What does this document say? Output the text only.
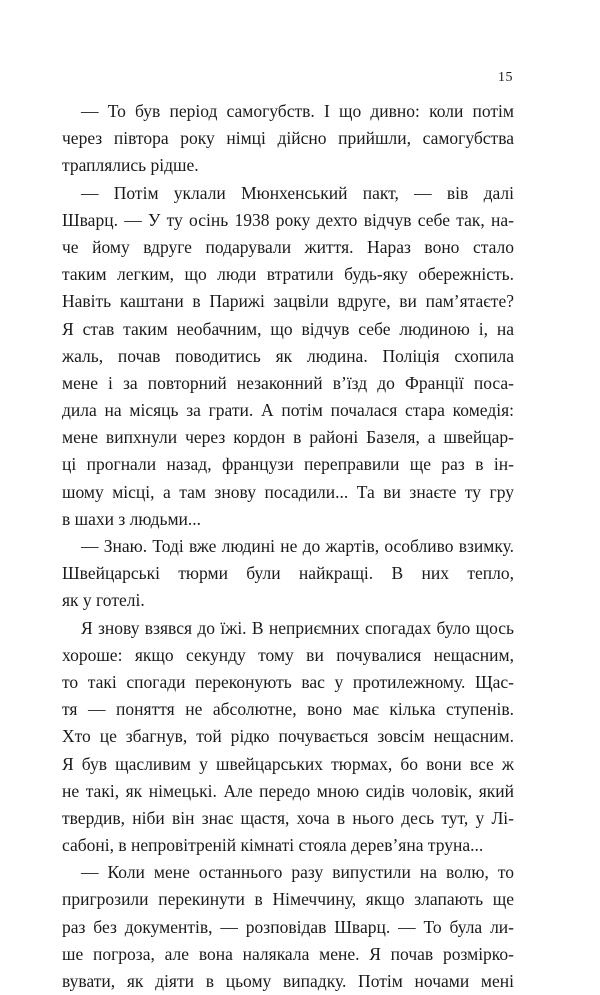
15
— То був період самогубств. І що дивно: коли потім
через півтора року німці дійсно прийшли, самогубства
траплялись рідше.
— Потім уклали Мюнхенський пакт, — вів далі
Шварц. — У ту осінь 1938 року дехто відчув себе так, на-
че йому вдруге подарували життя. Нараз воно стало
таким легким, що люди втратили будь-яку обережність.
Навіть каштани в Парижі зацвіли вдруге, ви пам’ятаєте?
Я став таким необачним, що відчув себе людиною і, на
жаль, почав поводитись як людина. Поліція схопила
мене і за повторний незаконний в’їзд до Франції поса-
дила на місяць за грати. А потім почалася стара комедія:
мене випхнули через кордон в районі Базеля, а швейцар-
ці прогнали назад, французи переправили ще раз в ін-
шому місці, а там знову посадили... Та ви знаєте ту гру
в шахи з людьми...
— Знаю. Тоді вже людині не до жартів, особливо взимку.
Швейцарські тюрми були найкращі. В них тепло,
як у готелі.
Я знову взявся до їжі. В неприємних спогадах було щось
хороше: якщо секунду тому ви почувалися нещасним,
то такі спогади переконують вас у протилежному. Щас-
тя — поняття не абсолютне, воно має кілька ступенів.
Хто це збагнув, той рідко почувається зовсім нещасним.
Я був щасливим у швейцарських тюрмах, бо вони все ж
не такі, як німецькі. Але передо мною сидів чоловік, який
твердив, ніби він знає щастя, хоча в нього десь тут, у Лі-
сабоні, в непровітреній кімнаті стояла дерев’яна труна...
— Коли мене останнього разу випустили на волю, то
пригрозили перекинути в Німеччину, якщо злапають ще
раз без документів, — розповідав Шварц. — То була ли-
ше погроза, але вона налякала мене. Я почав розмірко-
вувати, як діяти в цьому випадку. Потім ночами мені
